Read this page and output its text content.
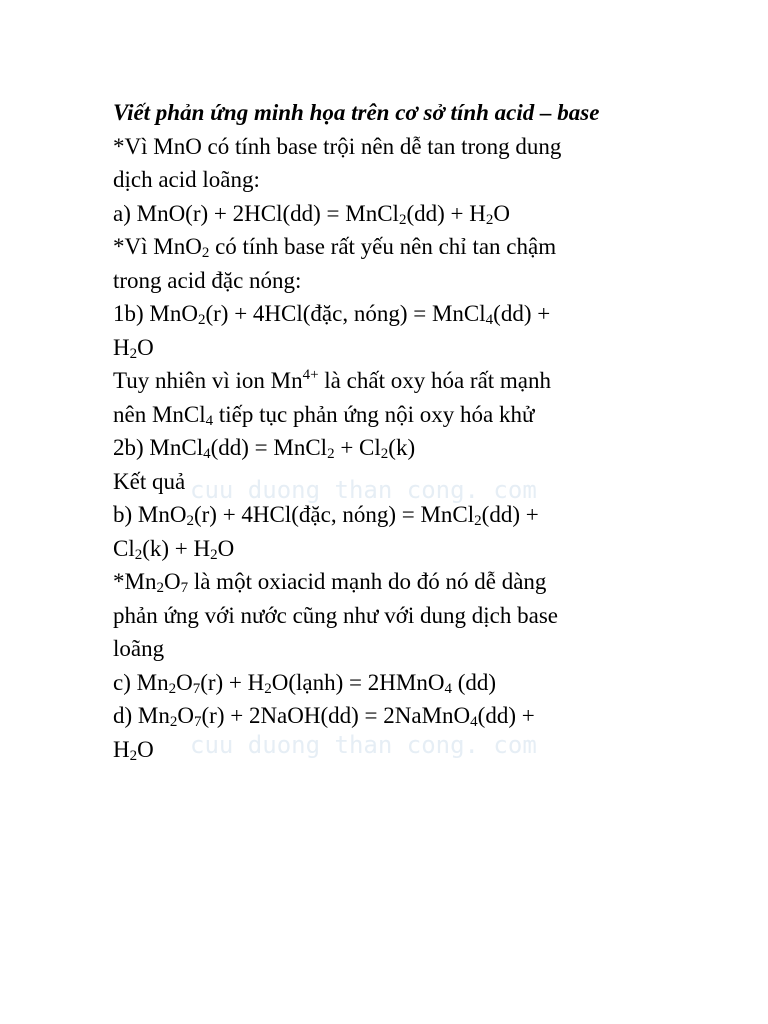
cuu duong than cong. com
cuu duong than cong. com
Viết phản ứng minh họa trên cơ sở tính acid – base
*Vì MnO có tính base trội nên dễ tan trong dung
dịch acid loãng:
a) MnO(r) + 2HCl(dd) = MnCl$_2$(dd) + $H_2O$
*Vì MnO$_2$ có tính base rất yếu nên chỉ tan chậm
trong acid đặc nóng:
1b) MnO$_2$(r) + 4HCl(đặc, nóng) = MnCl$_4$(dd) +
$H_2O$
Tuy nhiên vì ion $Mn^{4+}$ là chất oxy hóa rất mạnh
nên MnCl$_4$ tiếp tục phản ứng nội oxy hóa khử
2b) MnCl$_4$(dd) = MnCl$_2$ + $Cl_2(k)$
Kết quả
b) MnO$_2$(r) + 4HCl(đặc, nóng) = MnCl$_2$(dd) +
$Cl_2(k) + H_2O$
$*Mn_2O_7$ là một oxiacid mạnh do đó nó dễ dàng
phản ứng với nước cũng như với dung dịch base
loãng
c) $Mn_2O_7(r)$ + $H_2O(lạnh)$ = 2HMnO$_4$ (dd)
d) $Mn_2O_7(r)$ + 2NaOH(dd) = 2NaMnO$_4$(dd) +
$H_2O$
